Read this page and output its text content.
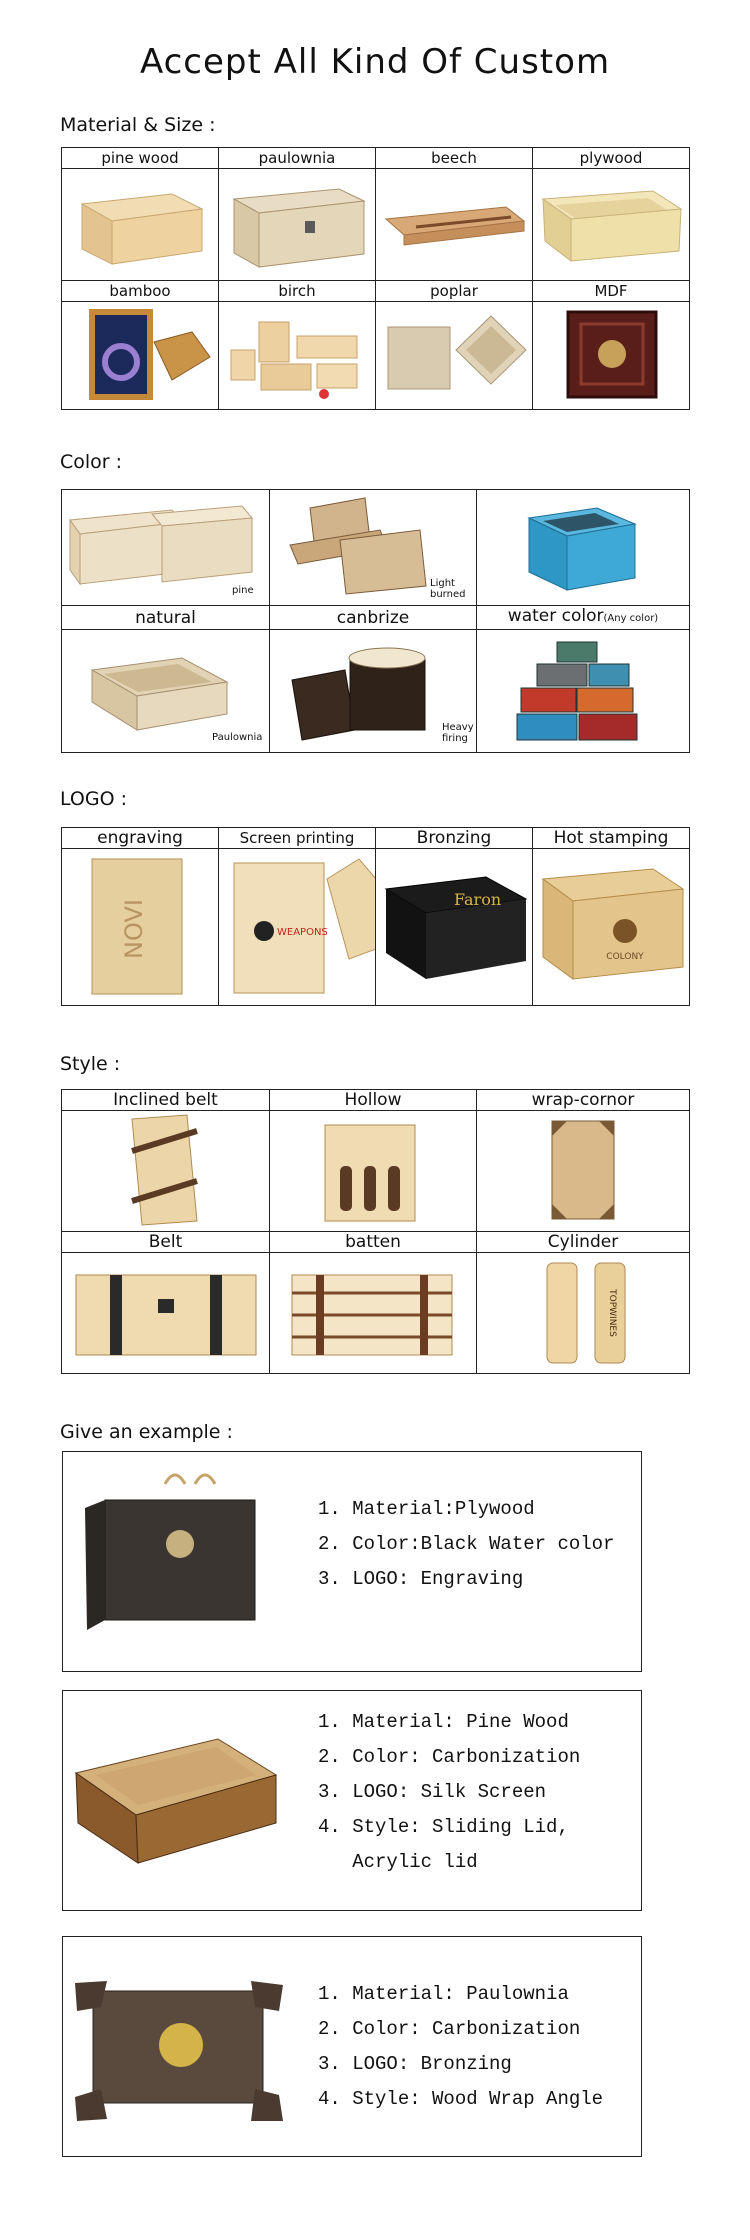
Accept All Kind Of Custom
Material & Size :
pine wood	paulownia	beech	plywood

bamboo	birch	poplar	MDF

Color :
pine	Light burned

natural	canbrize	water color(Any color)

Paulownia	Heavy firing

LOGO :
engraving	Screen printing	Bronzing	Hot stamping

NOVI	WEAPONS	Faron	COLONY
Style :
Inclined belt	Hollow	wrap-cornor

Belt	batten	Cylinder

TOPWINES
Give an example :
1. Material:Plywood
2. Color:Black Water color
3. LOGO: Engraving
1. Material: Pine Wood
2. Color: Carbonization
3. LOGO: Silk Screen
4. Style: Sliding Lid,
Acrylic lid
1. Material: Paulownia
2. Color: Carbonization
3. LOGO: Bronzing
4. Style: Wood Wrap Angle
